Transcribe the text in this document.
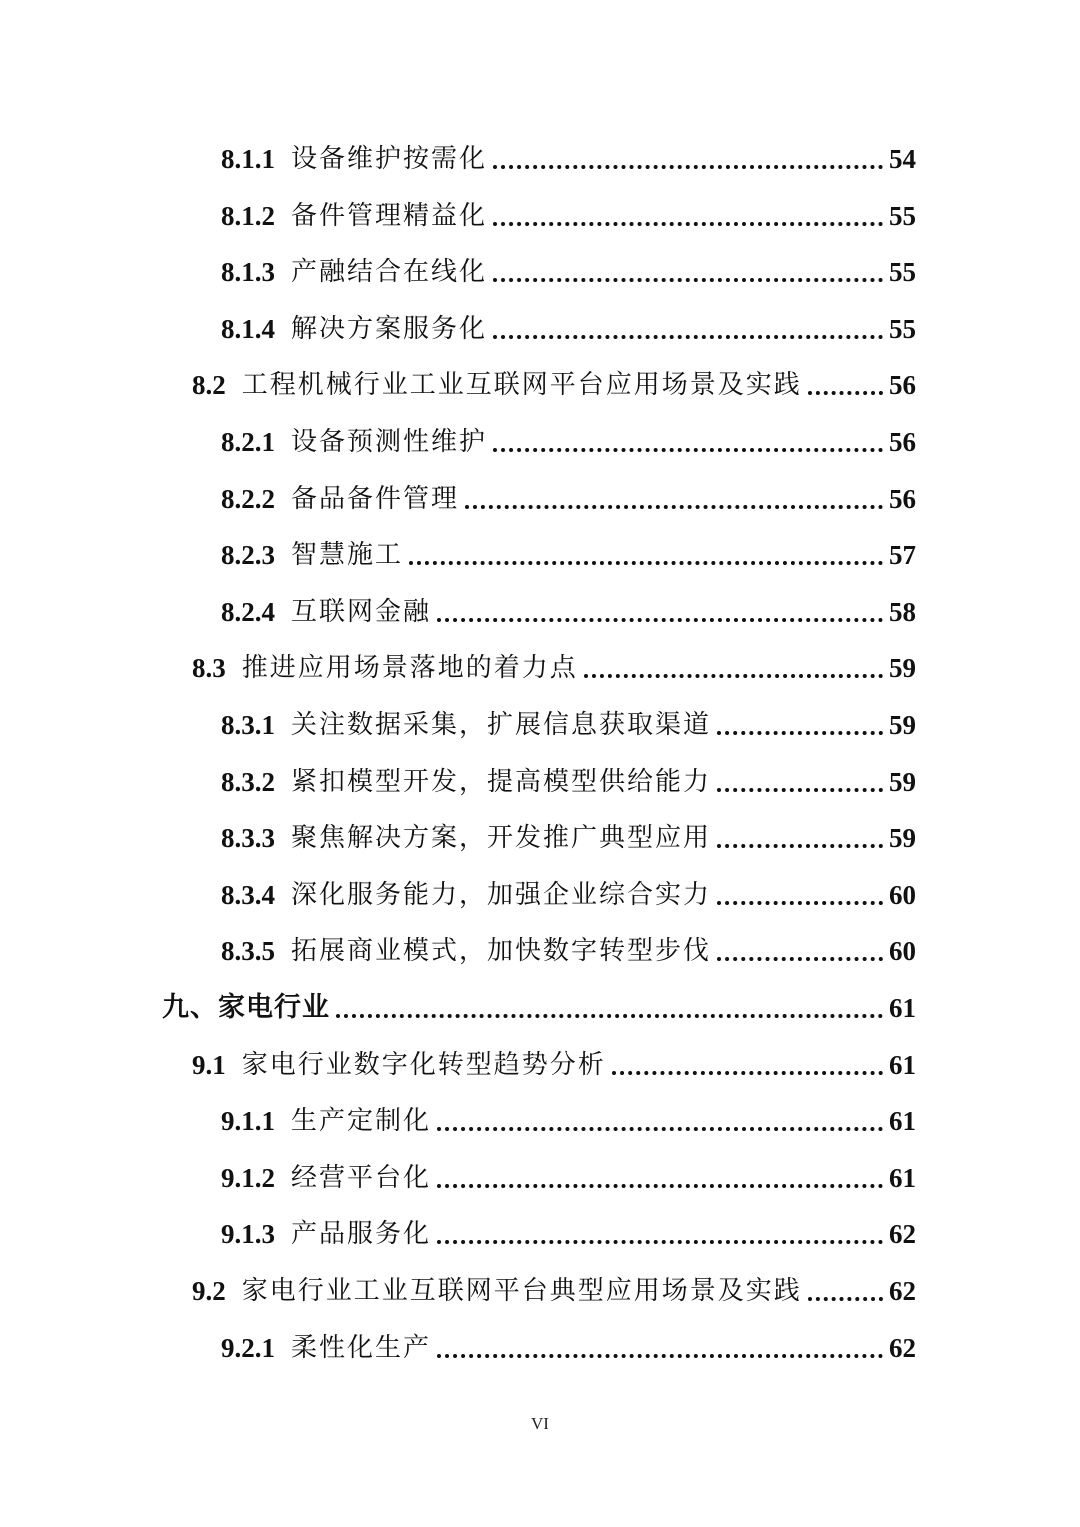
8.1.1 设备维护按需化	54
8.1.2 备件管理精益化	55
8.1.3 产融结合在线化	55
8.1.4 解决方案服务化	55
8.2 工程机械行业工业互联网平台应用场景及实践	56
8.2.1 设备预测性维护	56
8.2.2 备品备件管理	56
8.2.3 智慧施工	57
8.2.4 互联网金融	58
8.3 推进应用场景落地的着力点	59
8.3.1 关注数据采集，扩展信息获取渠道	59
8.3.2 紧扣模型开发，提高模型供给能力	59
8.3.3 聚焦解决方案，开发推广典型应用	59
8.3.4 深化服务能力，加强企业综合实力	60
8.3.5 拓展商业模式，加快数字转型步伐	60
九、家电行业	61
9.1 家电行业数字化转型趋势分析	61
9.1.1 生产定制化	61
9.1.2 经营平台化	61
9.1.3 产品服务化	62
9.2 家电行业工业互联网平台典型应用场景及实践	62
9.2.1 柔性化生产	62
VI
